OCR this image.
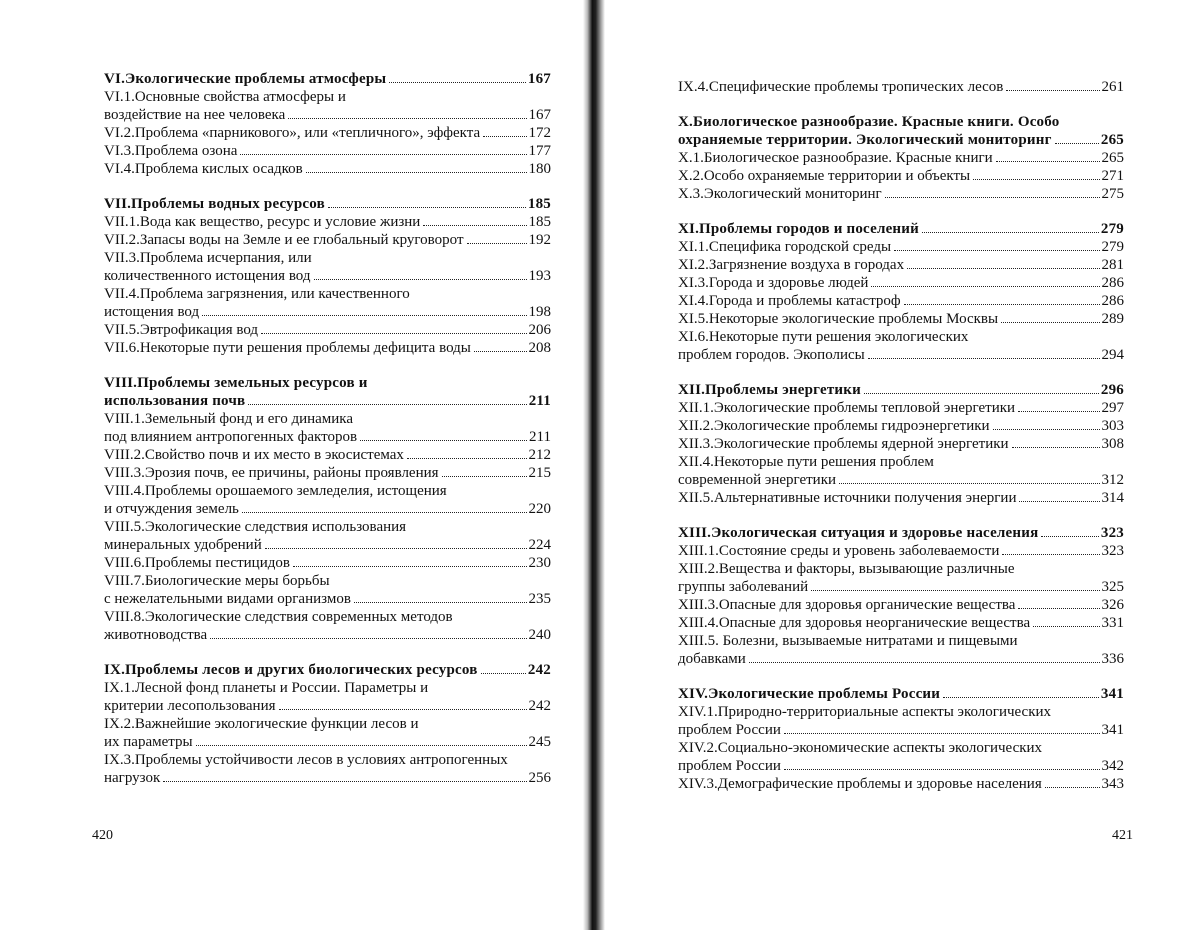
VI.Экологические проблемы атмосферы	167
VI.1.Основные свойства атмосферы и
воздействие на нее человека	167
VI.2.Проблема «парникового», или «тепличного», эффекта	172
VI.3.Проблема озона	177
VI.4.Проблема кислых осадков	180
VII.Проблемы водных ресурсов	185
VII.1.Вода как вещество, ресурс и условие жизни	185
VII.2.Запасы воды на Земле и ее глобальный круговорот	192
VII.3.Проблема исчерпания, или
количественного истощения вод	193
VII.4.Проблема загрязнения, или качественного
истощения вод	198
VII.5.Эвтрофикация вод	206
VII.6.Некоторые пути решения проблемы дефицита воды	208
VIII.Проблемы земельных ресурсов и
использования почв	211
VIII.1.Земельный фонд и его динамика
под влиянием антропогенных факторов	211
VIII.2.Свойство почв и их место в экосистемах	212
VIII.3.Эрозия почв, ее причины, районы проявления	215
VIII.4.Проблемы орошаемого земледелия, истощения
и отчуждения земель	220
VIII.5.Экологические следствия использования
минеральных удобрений	224
VIII.6.Проблемы пестицидов	230
VIII.7.Биологические меры борьбы
с нежелательными видами организмов	235
VIII.8.Экологические следствия современных методов
животноводства	240
IX.Проблемы лесов и других биологических ресурсов	242
IX.1.Лесной фонд планеты и России. Параметры и
критерии лесопользования	242
IX.2.Важнейшие экологические функции лесов и
их параметры	245
IX.3.Проблемы устойчивости лесов в условиях антропогенных
нагрузок	256
420
IX.4.Специфические проблемы тропических лесов	261
X.Биологическое разнообразие. Красные книги. Особо
охраняемые территории. Экологический мониторинг	265
X.1.Биологическое разнообразие. Красные книги	265
X.2.Особо охраняемые территории и объекты	271
X.3.Экологический мониторинг	275
XI.Проблемы городов и поселений	279
XI.1.Специфика городской среды	279
XI.2.Загрязнение воздуха в городах	281
XI.3.Города и здоровье людей	286
XI.4.Города и проблемы катастроф	286
XI.5.Некоторые экологические проблемы Москвы	289
XI.6.Некоторые пути решения экологических
проблем городов. Экополисы	294
XII.Проблемы энергетики	296
XII.1.Экологические проблемы тепловой энергетики	297
XII.2.Экологические проблемы гидроэнергетики	303
XII.3.Экологические проблемы ядерной энергетики	308
XII.4.Некоторые пути решения проблем
современной энергетики	312
XII.5.Альтернативные источники получения энергии	314
XIII.Экологическая ситуация и здоровье населения	323
XIII.1.Состояние среды и уровень заболеваемости	323
XIII.2.Вещества и факторы, вызывающие различные
группы заболеваний	325
XIII.3.Опасные для здоровья органические вещества	326
XIII.4.Опасные для здоровья неорганические вещества	331
XIII.5. Болезни, вызываемые нитратами и пищевыми
добавками	336
XIV.Экологические проблемы России	341
XIV.1.Природно-территориальные аспекты экологических
проблем России	341
XIV.2.Социально-экономические аспекты экологических
проблем России	342
XIV.3.Демографические проблемы и здоровье населения	343
421
